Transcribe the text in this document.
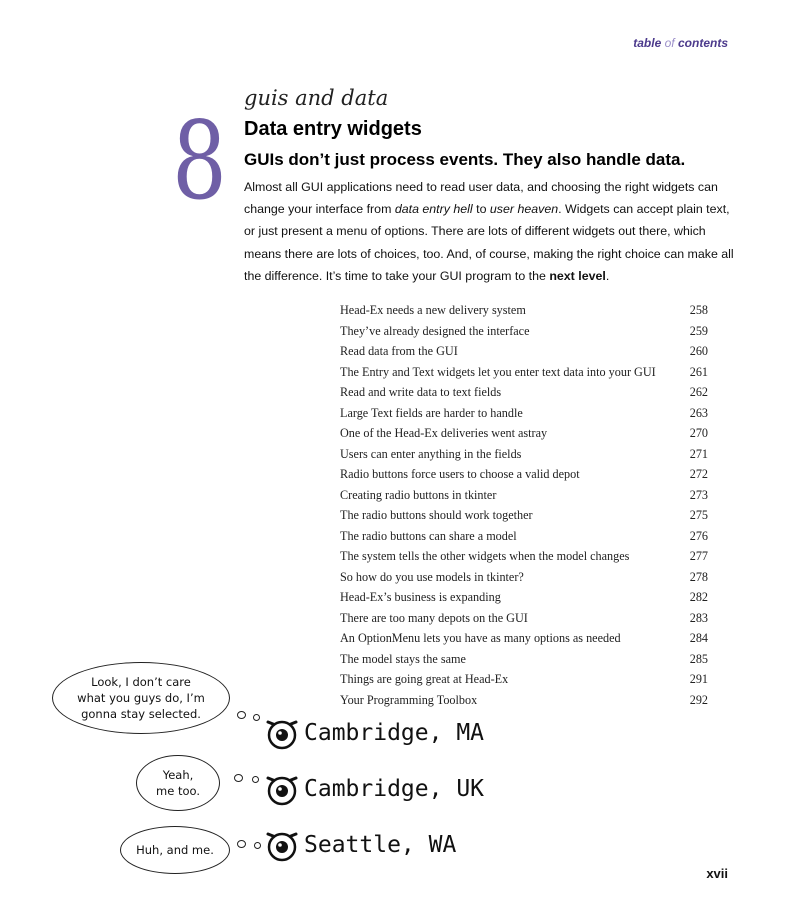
table of contents
8
guis and data
Data entry widgets
GUIs don’t just process events. They also handle data.
Almost all GUI applications need to read user data, and choosing the right widgets can change your interface from data entry hell to user heaven. Widgets can accept plain text, or just present a menu of options. There are lots of different widgets out there, which means there are lots of choices, too. And, of course, making the right choice can make all the difference. It’s time to take your GUI program to the next level.
Head-Ex needs a new delivery system	258
They’ve already designed the interface	259
Read data from the GUI	260
The Entry and Text widgets let you enter text data into your GUI	261
Read and write data to text fields	262
Large Text fields are harder to handle	263
One of the Head-Ex deliveries went astray	270
Users can enter anything in the fields	271
Radio buttons force users to choose a valid depot	272
Creating radio buttons in tkinter	273
The radio buttons should work together	275
The radio buttons can share a model	276
The system tells the other widgets when the model changes	277
So how do you use models in tkinter?	278
Head-Ex’s business is expanding	282
There are too many depots on the GUI	283
An OptionMenu lets you have as many options as needed	284
The model stays the same	285
Things are going great at Head-Ex	291
Your Programming Toolbox	292
Look, I don’t care what you guys do, I’m gonna stay selected.
Yeah, me too.
Huh, and me.
Cambridge, MA
Cambridge, UK
Seattle, WA
xvii
